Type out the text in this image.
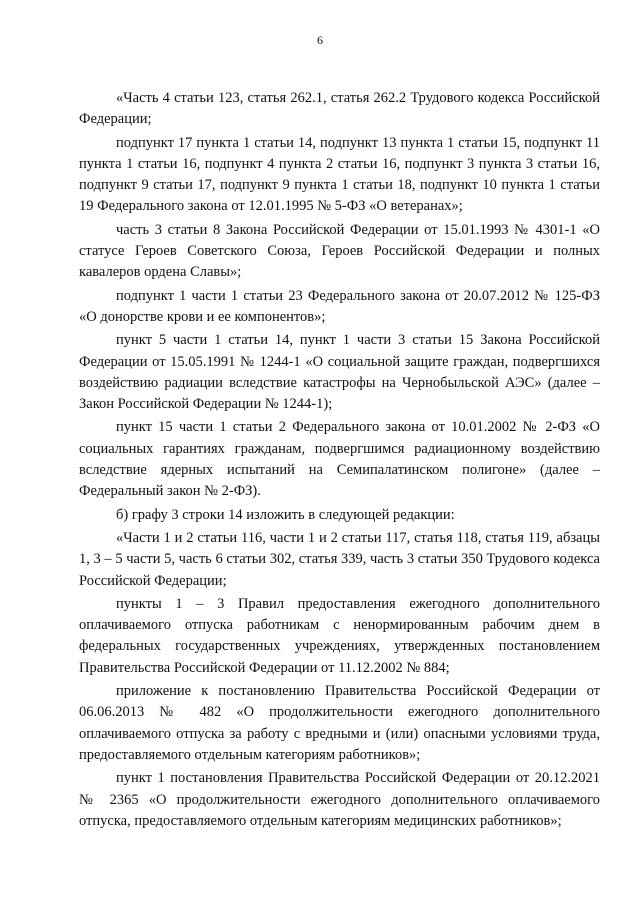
6

«Часть 4 статьи 123, статья 262.1, статья 262.2 Трудового кодекса Российской Федерации;

подпункт 17 пункта 1 статьи 14, подпункт 13 пункта 1 статьи 15, подпункт 11 пункта 1 статьи 16, подпункт 4 пункта 2 статьи 16, подпункт 3 пункта 3 статьи 16, подпункт 9 статьи 17, подпункт 9 пункта 1 статьи 18, подпункт 10 пункта 1 статьи 19 Федерального закона от 12.01.1995 № 5-ФЗ «О ветеранах»;

часть 3 статьи 8 Закона Российской Федерации от 15.01.1993 № 4301-1 «О статусе Героев Советского Союза, Героев Российской Федерации и полных кавалеров ордена Славы»;

подпункт 1 части 1 статьи 23 Федерального закона от 20.07.2012 № 125-ФЗ «О донорстве крови и ее компонентов»;

пункт 5 части 1 статьи 14, пункт 1 части 3 статьи 15 Закона Российской Федерации от 15.05.1991 № 1244-1 «О социальной защите граждан, подвергшихся воздействию радиации вследствие катастрофы на Чернобыльской АЭС» (далее – Закон Российской Федерации № 1244-1);

пункт 15 части 1 статьи 2 Федерального закона от 10.01.2002 № 2-ФЗ «О социальных гарантиях гражданам, подвергшимся радиационному воздействию вследствие ядерных испытаний на Семипалатинском полигоне» (далее – Федеральный закон № 2-ФЗ).

б) графу 3 строки 14 изложить в следующей редакции:

«Части 1 и 2 статьи 116, части 1 и 2 статьи 117, статья 118, статья 119, абзацы 1, 3 – 5 части 5, часть 6 статьи 302, статья 339, часть 3 статьи 350 Трудового кодекса Российской Федерации;

пункты 1 – 3 Правил предоставления ежегодного дополнительного оплачиваемого отпуска работникам с ненормированным рабочим днем в федеральных государственных учреждениях, утвержденных постановлением Правительства Российской Федерации от 11.12.2002 № 884;

приложение к постановлению Правительства Российской Федерации от 06.06.2013 № 482 «О продолжительности ежегодного дополнительного оплачиваемого отпуска за работу с вредными и (или) опасными условиями труда, предоставляемого отдельным категориям работников»;

пункт 1 постановления Правительства Российской Федерации от 20.12.2021 № 2365 «О продолжительности ежегодного дополнительного оплачиваемого отпуска, предоставляемого отдельным категориям медицинских работников»;
